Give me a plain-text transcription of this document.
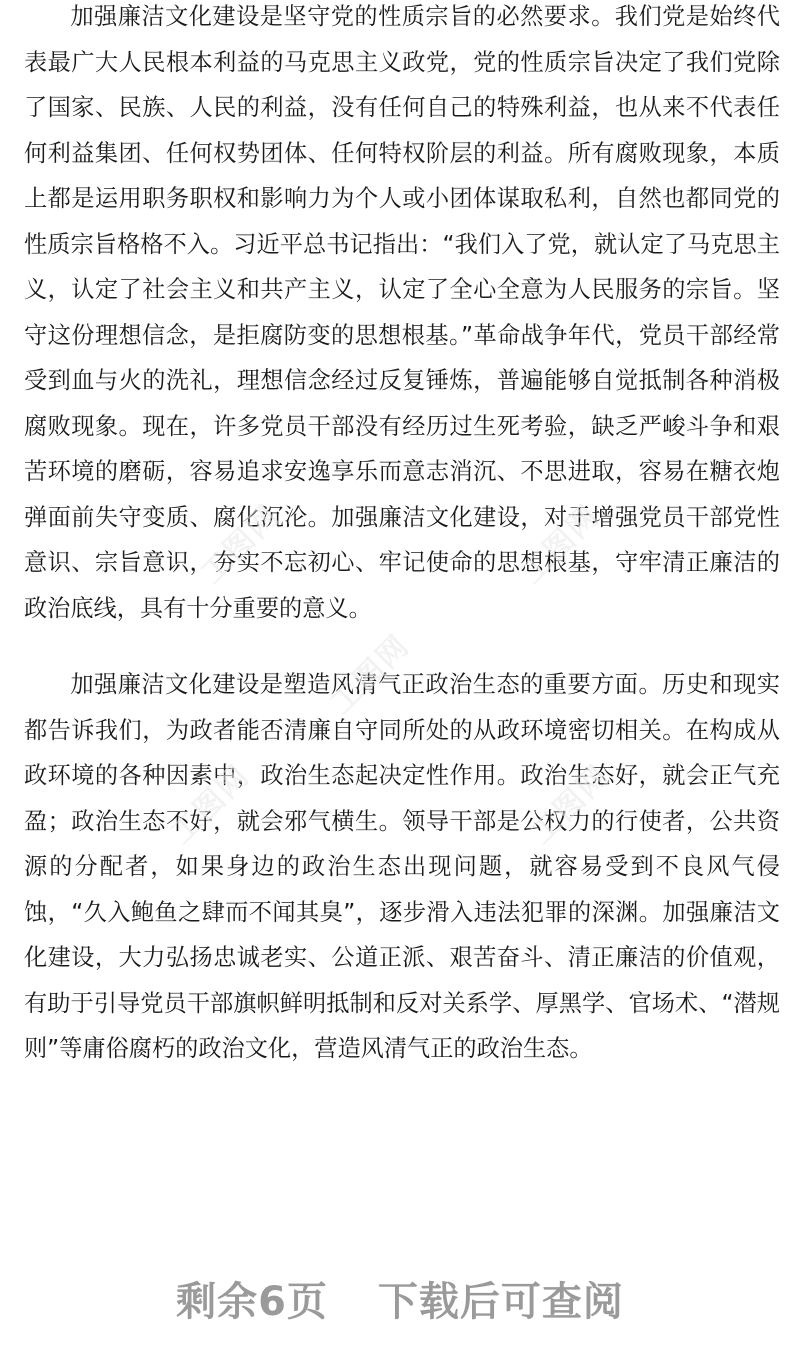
加强廉洁文化建设是坚守党的性质宗旨的必然要求。我们党是始终代表最广大人民根本利益的马克思主义政党，党的性质宗旨决定了我们党除了国家、民族、人民的利益，没有任何自己的特殊利益，也从来不代表任何利益集团、任何权势团体、任何特权阶层的利益。所有腐败现象，本质上都是运用职务职权和影响力为个人或小团体谋取私利，自然也都同党的性质宗旨格格不入。习近平总书记指出：“我们入了党，就认定了马克思主义，认定了社会主义和共产主义，认定了全心全意为人民服务的宗旨。坚守这份理想信念，是拒腐防变的思想根基。”革命战争年代，党员干部经常受到血与火的洗礼，理想信念经过反复锤炼，普遍能够自觉抵制各种消极腐败现象。现在，许多党员干部没有经历过生死考验，缺乏严峻斗争和艰苦环境的磨砺，容易追求安逸享乐而意志消沉、不思进取，容易在糖衣炮弹面前失守变质、腐化沉沦。加强廉洁文化建设，对于增强党员干部党性意识、宗旨意识，夯实不忘初心、牢记使命的思想根基，守牢清正廉洁的政治底线，具有十分重要的意义。

加强廉洁文化建设是塑造风清气正政治生态的重要方面。历史和现实都告诉我们，为政者能否清廉自守同所处的从政环境密切相关。在构成从政环境的各种因素中，政治生态起决定性作用。政治生态好，就会正气充盈；政治生态不好，就会邪气横生。领导干部是公权力的行使者，公共资源的分配者，如果身边的政治生态出现问题，就容易受到不良风气侵蚀，“久入鲍鱼之肆而不闻其臭”，逐步滑入违法犯罪的深渊。加强廉洁文化建设，大力弘扬忠诚老实、公道正派、艰苦奋斗、清正廉洁的价值观，有助于引导党员干部旗帜鲜明抵制和反对关系学、厚黑学、官场术、“潜规则”等庸俗腐朽的政治文化，营造风清气正的政治生态。

工图网	工图网
工图网
工图网	工图网
剩余6页 下载后可查阅
